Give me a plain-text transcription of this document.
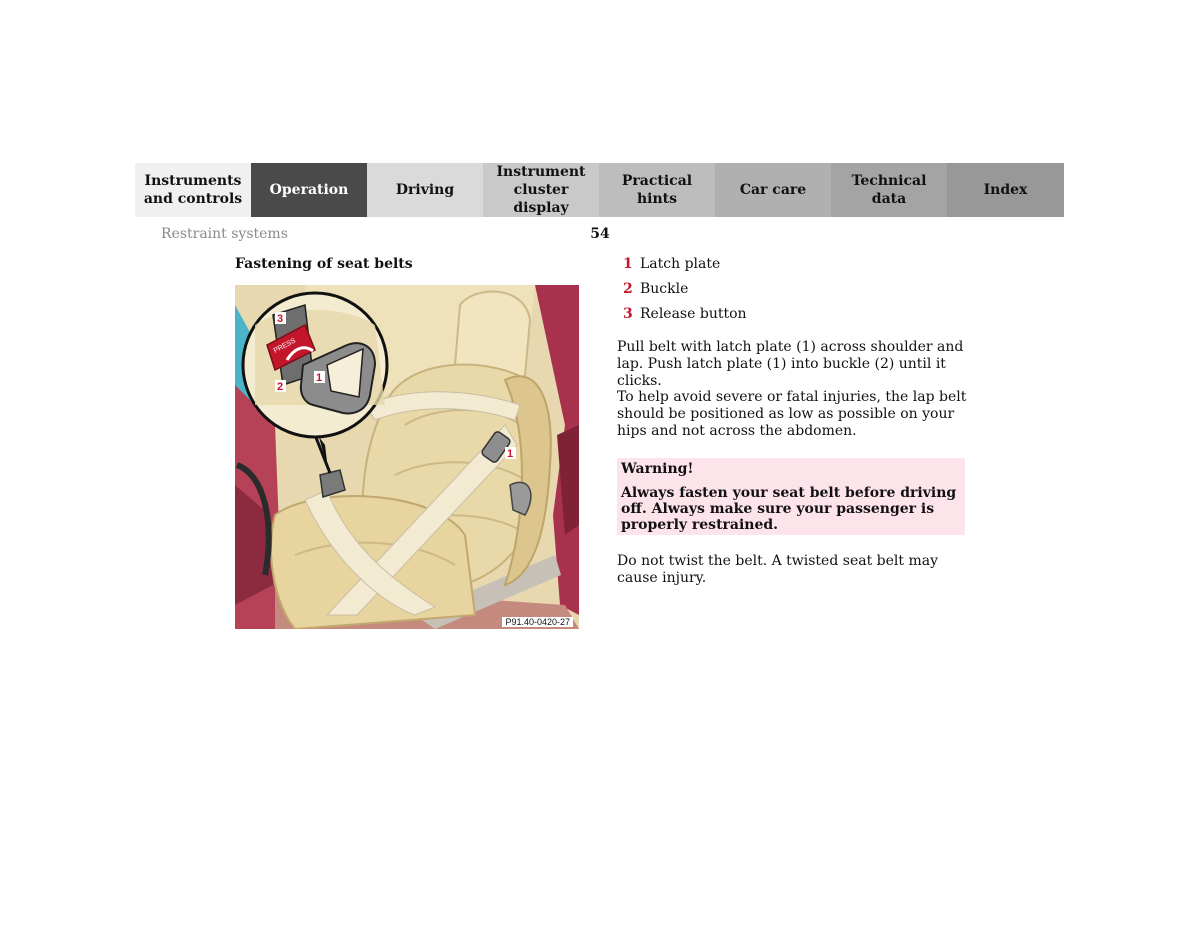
Instruments
and controls
Operation	Driving
Instrument
cluster display
Practical hints
Car care
Technical
data
Index
Restraint systems	54
Fastening of seat belts
PRESS
3
2
1
1
P91.40-0420-27
1 Latch plate
2 Buckle
3 Release button

Pull belt with latch plate (1) across shoulder and lap. Push latch plate (1) into buckle (2) until it clicks.

To help avoid severe or fatal injuries, the lap belt should be positioned as low as possible on your hips and not across the abdomen.

Warning!
Always fasten your seat belt before driving off. Always make sure your passenger is properly restrained.

Do not twist the belt. A twisted seat belt may cause injury.
